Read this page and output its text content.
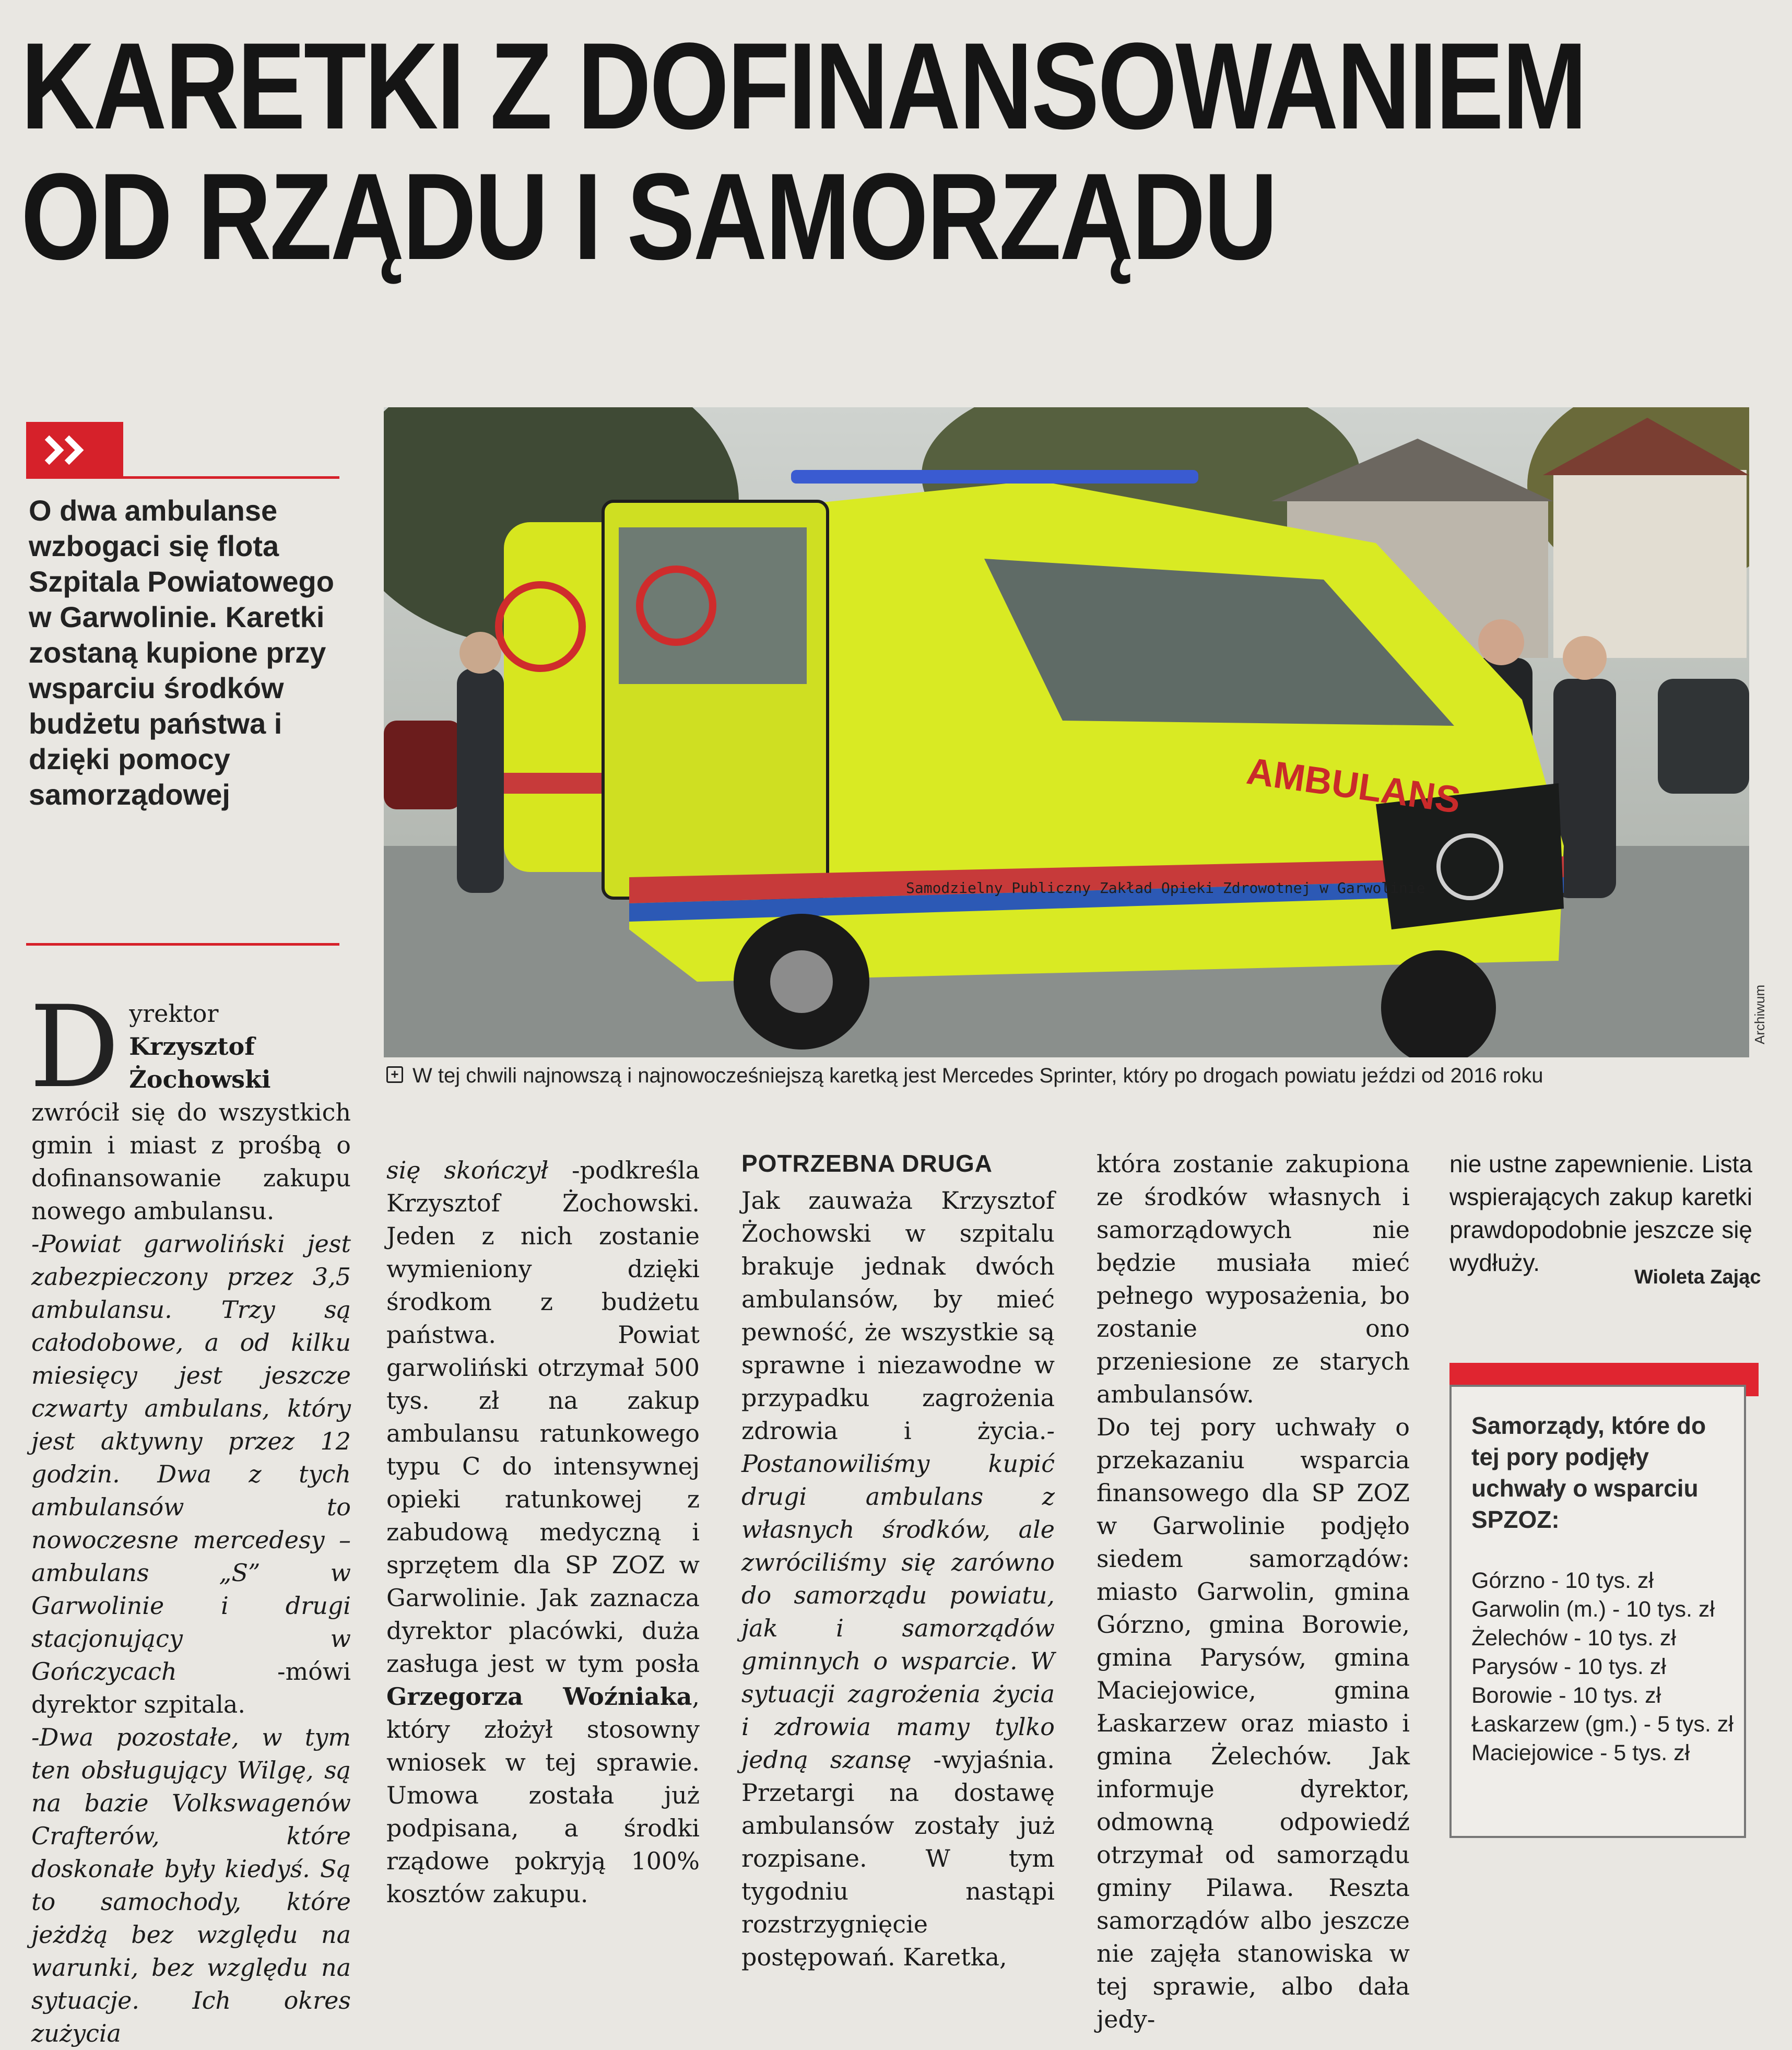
KARETKI Z DOFINANSOWANIEM
OD RZĄDU I SAMORZĄDU
O dwa ambulanse wzbogaci się flota Szpitala Powiatowego w Garwolinie. Karetki zostaną kupione przy wsparciu środków budżetu państwa i dzięki pomocy samorządowej	AMBULANS
Samodzielny Publiczny Zakład Opieki Zdrowotnej w Garwolinie
Archiwum
+ W tej chwili najnowszą i najnowocześniejszą karetką jest Mercedes Sprinter, który po drogach powiatu jeździ od 2016 roku

Dyrektor Krzysztof Żochowski zwrócił się do wszystkich gmin i miast z prośbą o dofinansowanie zakupu nowego ambulansu.

-Powiat garwoliński jest zabezpieczony przez 3,5 ambulansu. Trzy są całodobowe, a od kilku miesięcy jest jeszcze czwarty ambulans, który jest aktywny przez 12 godzin. Dwa z tych ambulansów to nowoczesne mercedesy – ambulans „S” w Garwolinie i drugi stacjonujący w Gończycach -mówi dyrektor szpitala.

-Dwa pozostałe, w tym ten obsługujący Wilgę, są na bazie Volkswagenów Crafterów, które doskonałe były kiedyś. Są to samochody, które jeżdżą bez względu na warunki, bez względu na sytuacje. Ich okres zużycia

się skończył -podkreśla Krzysztof Żochowski. Jeden z nich zostanie wymieniony dzięki środkom z budżetu państwa. Powiat garwoliński otrzymał 500 tys. zł na zakup ambulansu ratunkowego typu C do intensywnej opieki ratunkowej z zabudową medyczną i sprzętem dla SP ZOZ w Garwolinie. Jak zaznacza dyrektor placówki, duża zasługa jest w tym posła Grzegorza Woźniaka, który złożył stosowny wniosek w tej sprawie. Umowa została już podpisana, a środki rządowe pokryją 100% kosztów zakupu.

POTRZEBNA DRUGA

Jak zauważa Krzysztof Żochowski w szpitalu brakuje jednak dwóch ambulansów, by mieć pewność, że wszystkie są sprawne i niezawodne w przypadku zagrożenia zdrowia i życia.-Postanowiliśmy kupić drugi ambulans z własnych środków, ale zwróciliśmy się zarówno do samorządu powiatu, jak i samorządów gminnych o wsparcie. W sytuacji zagrożenia życia i zdrowia mamy tylko jedną szansę -wyjaśnia. Przetargi na dostawę ambulansów zostały już rozpisane. W tym tygodniu nastąpi rozstrzygnięcie postępowań. Karetka,

która zostanie zakupiona ze środków własnych i samorządowych nie będzie musiała mieć pełnego wyposażenia, bo zostanie ono przeniesione ze starych ambulansów.

Do tej pory uchwały o przekazaniu wsparcia finansowego dla SP ZOZ w Garwolinie podjęło siedem samorządów: miasto Garwolin, gmina Górzno, gmina Borowie, gmina Parysów, gmina Maciejowice, gmina Łaskarzew oraz miasto i gmina Żelechów. Jak informuje dyrektor, odmowną odpowiedź otrzymał od samorządu gminy Pilawa. Reszta samorządów albo jeszcze nie zajęła stanowiska w tej sprawie, albo dała jedy-

nie ustne zapewnienie. Lista wspierających zakup karetki prawdopodobnie jeszcze się wydłuży.

Wioleta Zając
Samorządy, które do tej pory podjęły uchwały o wsparciu SPZOZ:
Górzno - 10 tys. zł
Garwolin (m.) - 10 tys. zł
Żelechów - 10 tys. zł
Parysów - 10 tys. zł
Borowie - 10 tys. zł
Łaskarzew (gm.) - 5 tys. zł
Maciejowice - 5 tys. zł
